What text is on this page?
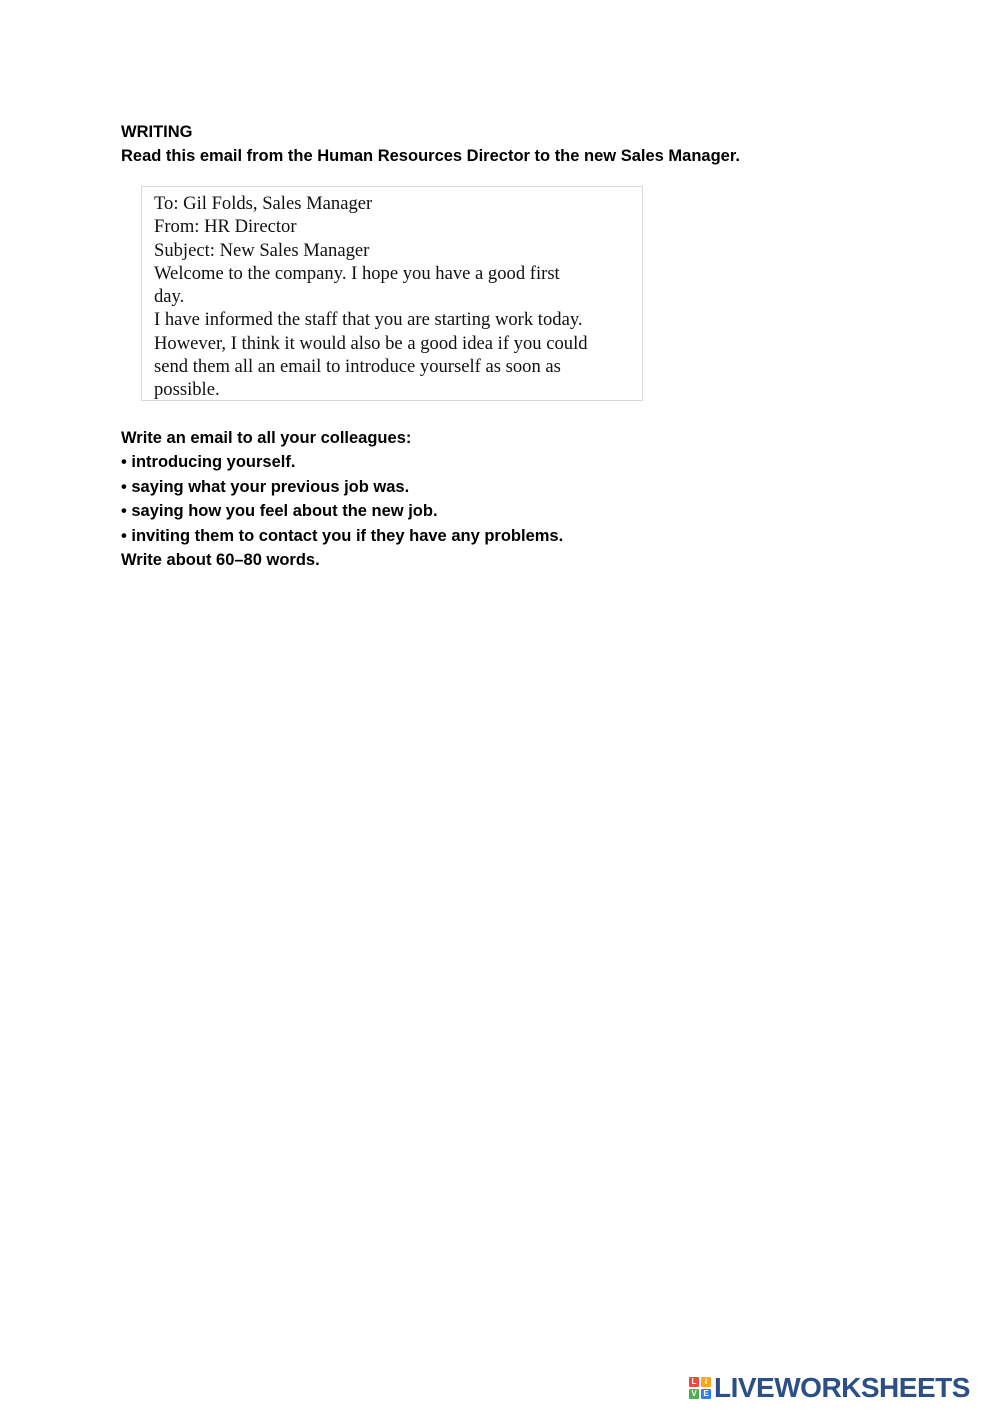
WRITING
Read this email from the Human Resources Director to the new Sales Manager.
To: Gil Folds, Sales Manager
From: HR Director
Subject: New Sales Manager
Welcome to the company. I hope you have a good first
day.
I have informed the staff that you are starting work today.
However, I think it would also be a good idea if you could
send them all an email to introduce yourself as soon as
possible.
Write an email to all your colleagues:
• introducing yourself.
• saying what your previous job was.
• saying how you feel about the new job.
• inviting them to contact you if they have any problems.
Write about 60–80 words.
L	I
V E LIVEWORKSHEETS
